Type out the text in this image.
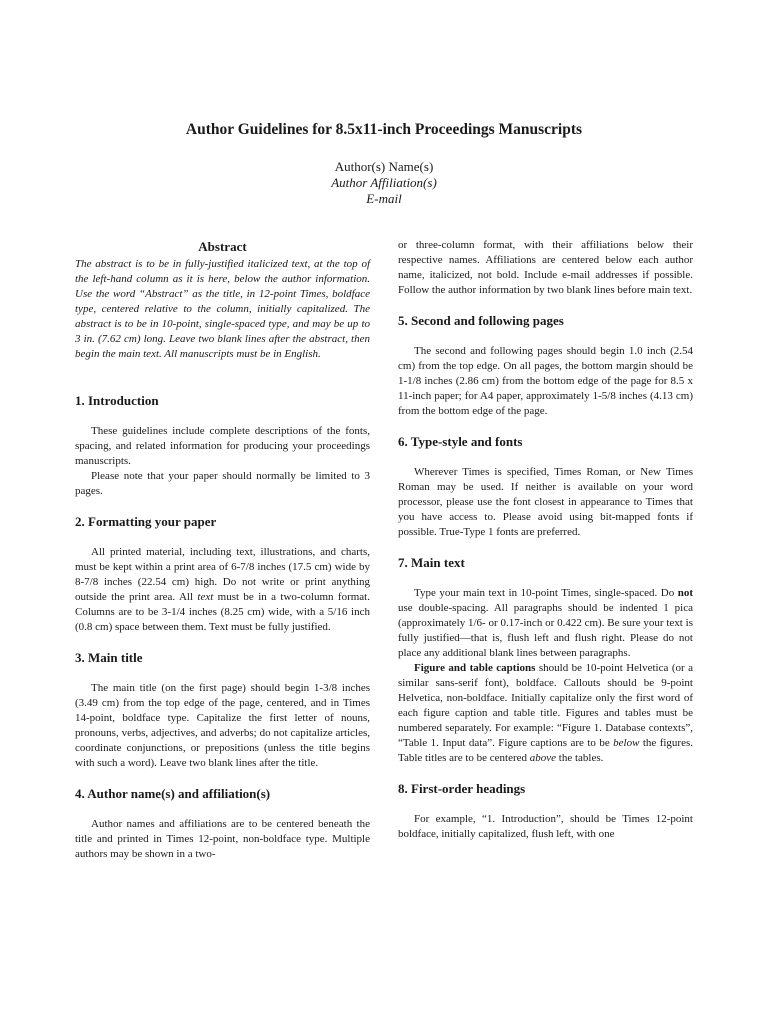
Author Guidelines for 8.5x11-inch Proceedings Manuscripts
Author(s) Name(s)
Author Affiliation(s)
E-mail
Abstract

The abstract is to be in fully-justified italicized text, at the top of the left-hand column as it is here, below the author information. Use the word “Abstract” as the title, in 12-point Times, boldface type, centered relative to the column, initially capitalized. The abstract is to be in 10-point, single-spaced type, and may be up to 3 in. (7.62 cm) long. Leave two blank lines after the abstract, then begin the main text. All manuscripts must be in English.

1. Introduction

These guidelines include complete descriptions of the fonts, spacing, and related information for producing your proceedings manuscripts.

Please note that your paper should normally be limited to 3 pages.

2. Formatting your paper

All printed material, including text, illustrations, and charts, must be kept within a print area of 6-7/8 inches (17.5 cm) wide by 8-7/8 inches (22.54 cm) high. Do not write or print anything outside the print area. All text must be in a two-column format. Columns are to be 3-1/4 inches (8.25 cm) wide, with a 5/16 inch (0.8 cm) space between them. Text must be fully justified.

3. Main title

The main title (on the first page) should begin 1-3/8 inches (3.49 cm) from the top edge of the page, centered, and in Times 14-point, boldface type. Capitalize the first letter of nouns, pronouns, verbs, adjectives, and adverbs; do not capitalize articles, coordinate conjunctions, or prepositions (unless the title begins with such a word). Leave two blank lines after the title.

4. Author name(s) and affiliation(s)

Author names and affiliations are to be centered beneath the title and printed in Times 12-point, non-boldface type. Multiple authors may be shown in a two-

or three-column format, with their affiliations below their respective names. Affiliations are centered below each author name, italicized, not bold. Include e-mail addresses if possible. Follow the author information by two blank lines before main text.

5. Second and following pages

The second and following pages should begin 1.0 inch (2.54 cm) from the top edge. On all pages, the bottom margin should be 1-1/8 inches (2.86 cm) from the bottom edge of the page for 8.5 x 11-inch paper; for A4 paper, approximately 1-5/8 inches (4.13 cm) from the bottom edge of the page.

6. Type-style and fonts

Wherever Times is specified, Times Roman, or New Times Roman may be used. If neither is available on your word processor, please use the font closest in appearance to Times that you have access to. Please avoid using bit-mapped fonts if possible. True-Type 1 fonts are preferred.

7. Main text

Type your main text in 10-point Times, single-spaced. Do not use double-spacing. All paragraphs should be indented 1 pica (approximately 1/6- or 0.17-inch or 0.422 cm). Be sure your text is fully justified—that is, flush left and flush right. Please do not place any additional blank lines between paragraphs.

Figure and table captions should be 10-point Helvetica (or a similar sans-serif font), boldface. Callouts should be 9-point Helvetica, non-boldface. Initially capitalize only the first word of each figure caption and table title. Figures and tables must be numbered separately. For example: “Figure 1. Database contexts”, “Table 1. Input data”. Figure captions are to be below the figures. Table titles are to be centered above the tables.

8. First-order headings

For example, “1. Introduction”, should be Times 12-point boldface, initially capitalized, flush left, with one
